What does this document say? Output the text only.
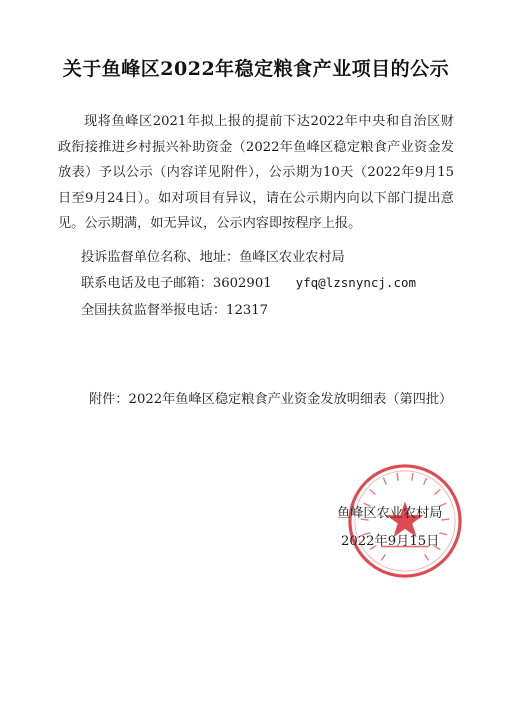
关于鱼峰区2022年稳定粮食产业项目的公示
现将鱼峰区2021年拟上报的提前下达2022年中央和自治区财政衔接推进乡村振兴补助资金（2022年鱼峰区稳定粮食产业资金发放表）予以公示（内容详见附件），公示期为10天（2022年9月15日至9月24日）。如对项目有异议，请在公示期内向以下部门提出意见。公示期满，如无异议，公示内容即按程序上报。
投诉监督单位名称、地址：鱼峰区农业农村局
联系电话及电子邮箱：3602901 yfq@lzsnyncj.com
全国扶贫监督举报电话：12317
附件：2022年鱼峰区稳定粮食产业资金发放明细表（第四批）
鱼峰区农业农村局
2022年9月15日
